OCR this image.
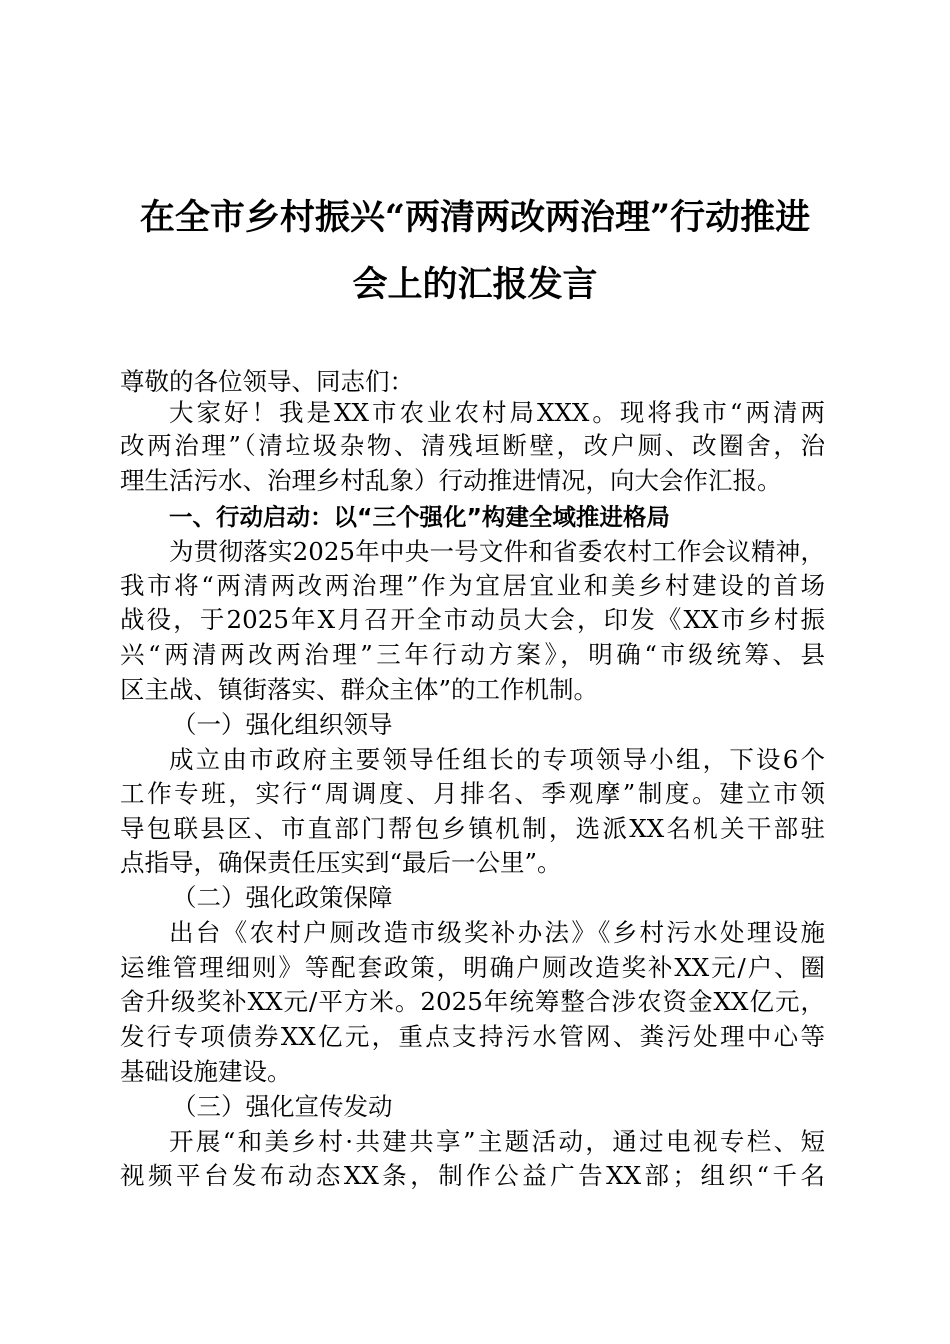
在全市乡村振兴“两清两改两治理”行动推进
会上的汇报发言
尊敬的各位领导、同志们：
大家好！我是XX市农业农村局XXX。现将我市“两清两
改两治理”（清垃圾杂物、清残垣断壁，改户厕、改圈舍，治
理生活污水、治理乡村乱象）行动推进情况，向大会作汇报。
一、行动启动：以“三个强化”构建全域推进格局
为贯彻落实2025年中央一号文件和省委农村工作会议精神，
我市将“两清两改两治理”作为宜居宜业和美乡村建设的首场
战役，于2025年X月召开全市动员大会，印发《XX市乡村振
兴“两清两改两治理”三年行动方案》，明确“市级统筹、县
区主战、镇街落实、群众主体”的工作机制。
（一）强化组织领导
成立由市政府主要领导任组长的专项领导小组，下设6个
工作专班，实行“周调度、月排名、季观摩”制度。建立市领
导包联县区、市直部门帮包乡镇机制，选派XX名机关干部驻
点指导，确保责任压实到“最后一公里”。
（二）强化政策保障
出台《农村户厕改造市级奖补办法》《乡村污水处理设施
运维管理细则》等配套政策，明确户厕改造奖补XX元/户、圈
舍升级奖补XX元/平方米。2025年统筹整合涉农资金XX亿元，
发行专项债券XX亿元，重点支持污水管网、粪污处理中心等
基础设施建设。
（三）强化宣传发动
开展“和美乡村·共建共享”主题活动，通过电视专栏、短
视频平台发布动态XX条，制作公益广告XX部；组织“千名
